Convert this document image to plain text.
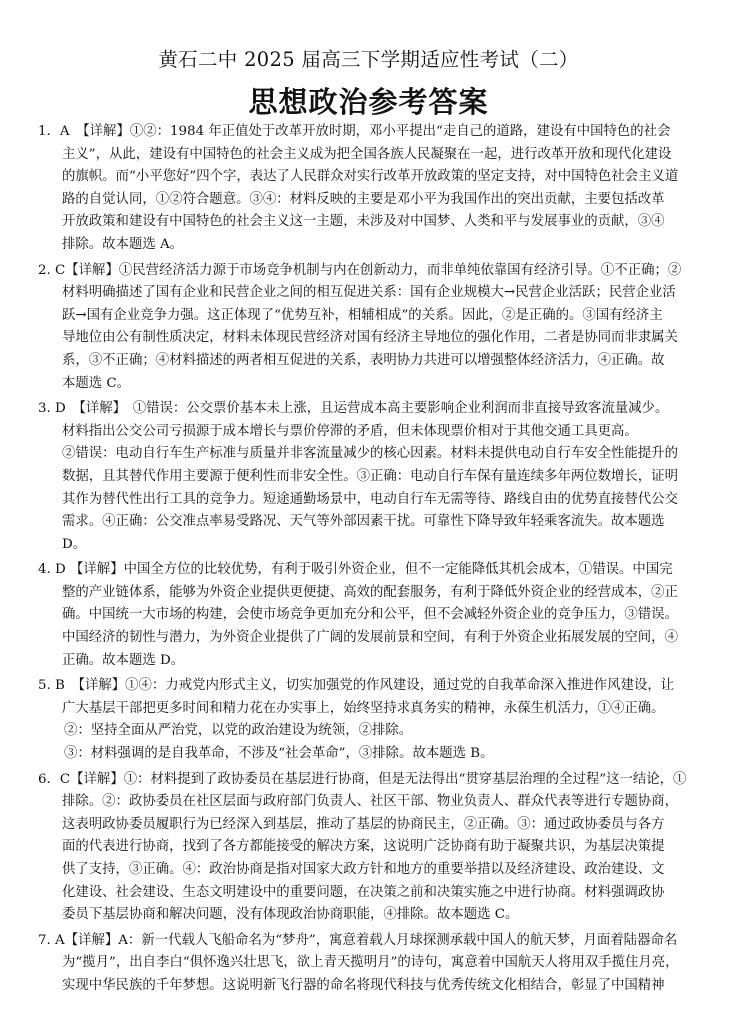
黄石二中 2025 届高三下学期适应性考试（二）
思想政治参考答案
1．A　【详解】①②：1984 年正值处于改革开放时期，邓小平提出“走自己的道路，建设有中国特色的社会
主义”，从此，建设有中国特色的社会主义成为把全国各族人民凝聚在一起，进行改革开放和现代化建设
的旗帜。而“小平您好”四个字，表达了人民群众对实行改革开放政策的坚定支持，对中国特色社会主义道
路的自觉认同，①②符合题意。③④：材料反映的主要是邓小平为我国作出的突出贡献，主要包括改革
开放政策和建设有中国特色的社会主义这一主题，未涉及对中国梦、人类和平与发展事业的贡献，③④
排除。故本题选 A。
2. C【详解】①民营经济活力源于市场竞争机制与内在创新动力，而非单纯依靠国有经济引导。①不正确；②
材料明确描述了国有企业和民营企业之间的相互促进关系：国有企业规模大→民营企业活跃；民营企业活
跃→国有企业竞争力强。这正体现了“优势互补，相辅相成”的关系。因此，②是正确的。③国有经济主
导地位由公有制性质决定，材料未体现民营经济对国有经济主导地位的强化作用，二者是协同而非隶属关
系，③不正确；④材料描述的两者相互促进的关系，表明协力共进可以增强整体经济活力，④正确。故
本题选 C。
3. D　【详解】　①错误：公交票价基本未上涨，且运营成本高主要影响企业利润而非直接导致客流量减少。
材料指出公交公司亏损源于成本增长与票价停滞的矛盾，但未体现票价相对于其他交通工具更高。
②错误：电动自行车生产标准与质量并非客流量减少的核心因素。材料未提供电动自行车安全性能提升的
数据，且其替代作用主要源于便利性而非安全性。③正确：电动自行车保有量连续多年两位数增长，证明
其作为替代性出行工具的竞争力。短途通勤场景中，电动自行车无需等待、路线自由的优势直接替代公交
需求。④正确：公交准点率易受路况、天气等外部因素干扰。可靠性下降导致年轻乘客流失。故本题选
D。
4. D 【详解】中国全方位的比较优势，有利于吸引外资企业，但不一定能降低其机会成本，①错误。中国完
整的产业链体系，能够为外资企业提供更便捷、高效的配套服务，有利于降低外资企业的经营成本，②正
确。中国统一大市场的构建，会使市场竞争更加充分和公平，但不会减轻外资企业的竞争压力，③错误。
中国经济的韧性与潜力，为外资企业提供了广阔的发展前景和空间，有利于外资企业拓展发展的空间，④
正确。故本题选 D。
5. B　【详解】①④：力戒党内形式主义，切实加强党的作风建设，通过党的自我革命深入推进作风建设，让
广大基层干部把更多时间和精力花在办实事上，始终坚持求真务实的精神，永葆生机活力，①④正确。
②：坚持全面从严治党，以党的政治建设为统领，②排除。
③：材料强调的是自我革命，不涉及“社会革命”，③排除。故本题选 B。
6．C【详解】①：材料提到了政协委员在基层进行协商，但是无法得出“贯穿基层治理的全过程”这一结论，①
排除。②：政协委员在社区层面与政府部门负责人、社区干部、物业负责人、群众代表等进行专题协商，
这表明政协委员履职行为已经深入到基层，推动了基层的协商民主，②正确。③：通过政协委员与各方
面的代表进行协商，找到了各方都能接受的解决方案，这说明广泛协商有助于凝聚共识，为基层决策提
供了支持，③正确。④：政治协商是指对国家大政方针和地方的重要举措以及经济建设、政治建设、文
化建设、社会建设、生态文明建设中的重要问题，在决策之前和决策实施之中进行协商。材料强调政协
委员下基层协商和解决问题，没有体现政治协商职能，④排除。故本题选 C。
7. A【详解】A：新一代载人飞船命名为“梦舟”，寓意着载人月球探测承载中国人的航天梦，月面着陆器命名
为“揽月”，出自李白“俱怀逸兴壮思飞，欲上青天揽明月”的诗句，寓意着中国航天人将用双手揽住月亮，
实现中华民族的千年梦想。这说明新飞行器的命名将现代科技与优秀传统文化相结合，彰显了中国精神
